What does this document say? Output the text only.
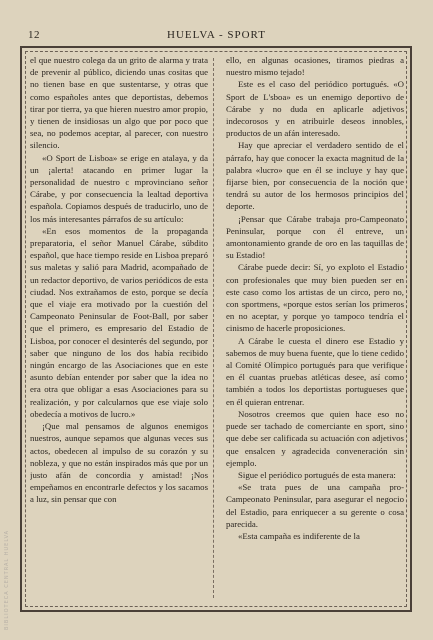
12	HUELVA - SPORT

el que nuestro colega da un grito de alarma y trata de prevenir al público, diciendo unas cositas que no tienen base en que sustentarse, y otras que como españoles antes que deportistas, debemos tirar por tierra, ya que hieren nuestro amor propio, y tienen de insidiosas un algo que por poco que sea, no podemos aceptar, al parecer, con nuestro silencio.

«O Sport de Lisboa» se erige en atalaya, y da un ¡alerta! atacando en primer lugar la personalidad de nuestro c mprovinciano señor Cárabe, y por consecuencia la lealtad deportiva española. Copiamos después de traducirlo, uno de los más interesantes párrafos de su artículo:

«En esos momentos de la propaganda preparatoria, el señor Manuel Cárabe, súbdito español, que hace tiempo reside en Lisboa preparó sus maletas y salió para Madrid, acompañado de un redactor deportivo, de varios periódicos de esta ciudad. Nos extrañamos de esto, porque se decía que el viaje era motivado por la cuestión del Campeonato Peninsular de Foot-Ball, por saber que el primero, es empresario del Estadio de Lisboa, por conocer el desinterés del segundo, por saber que ninguno de los dos había recibido ningún encargo de las Asociaciones que en este asunto debían entender por saber que la idea no era otra que obligar a esas Asociaciones para su realización, y por calcularnos que ese viaje solo obedecía a motivos de lucro.»

¡Que mal pensamos de algunos enemigos nuestros, aunque sepamos que algunas veces sus actos, obedecen al impulso de su corazón y su nobleza, y que no están inspirados más que por un justo afán de concordia y amistad! ¡Nos empeñamos en encontrarle defectos y los sacamos a luz, sin pensar que con

ello, en algunas ocasiones, tiramos piedras a nuestro mismo tejado!

Este es el caso del periódico portugués. «O Sport de L'sboa» es un enemigo deportivo de Cárabe y no duda en aplicarle adjetivos indecorosos y en atribuirle deseos innobles, productos de un afán interesado.

Hay que apreciar el verdadero sentido de el párrafo, hay que conocer la exacta magnitud de la palabra «lucro» que en él se incluye y hay que fijarse bien, por consecuencia de la noción que tendrá su autor de los hermosos principios del deporte.

¡Pensar que Cárabe trabaja pro-Campeonato Peninsular, porque con él entreve, un amontonamiento grande de oro en las taquillas de su Estadio!

Cárabe puede decir: Sí, yo exploto el Estadio con profesionales que muy bien pueden ser en este caso como los artistas de un circo, pero no, con sportmens, «porque estos serían los primeros en no aceptar, y porque yo tampoco tendría el cinismo de hacerle proposiciones.

A Cárabe le cuesta el dinero ese Estadio y sabemos de muy buena fuente, que lo tiene cedido al Comité Olímpico portugués para que verifique en él cuantas pruebas atléticas desee, así como también a todos los deportistas portugueses que en él quieran entrenar.

Nosotros creemos que quien hace eso no puede ser tachado de comerciante en sport, sino que debe ser calificada su actuación con adjetivos que ensalcen y agradecida conveneración sin ejemplo.

Sigue el periódico portugués de esta manera:

«Se trata pues de una campaña pro-Campeonato Peninsular, para asegurar el negocio del Estadio, para enriquecer a su gerente o cosa parecida.

«Esta campaña es indiferente de la

BIBLIOTECA CENTRAL HUELVA
